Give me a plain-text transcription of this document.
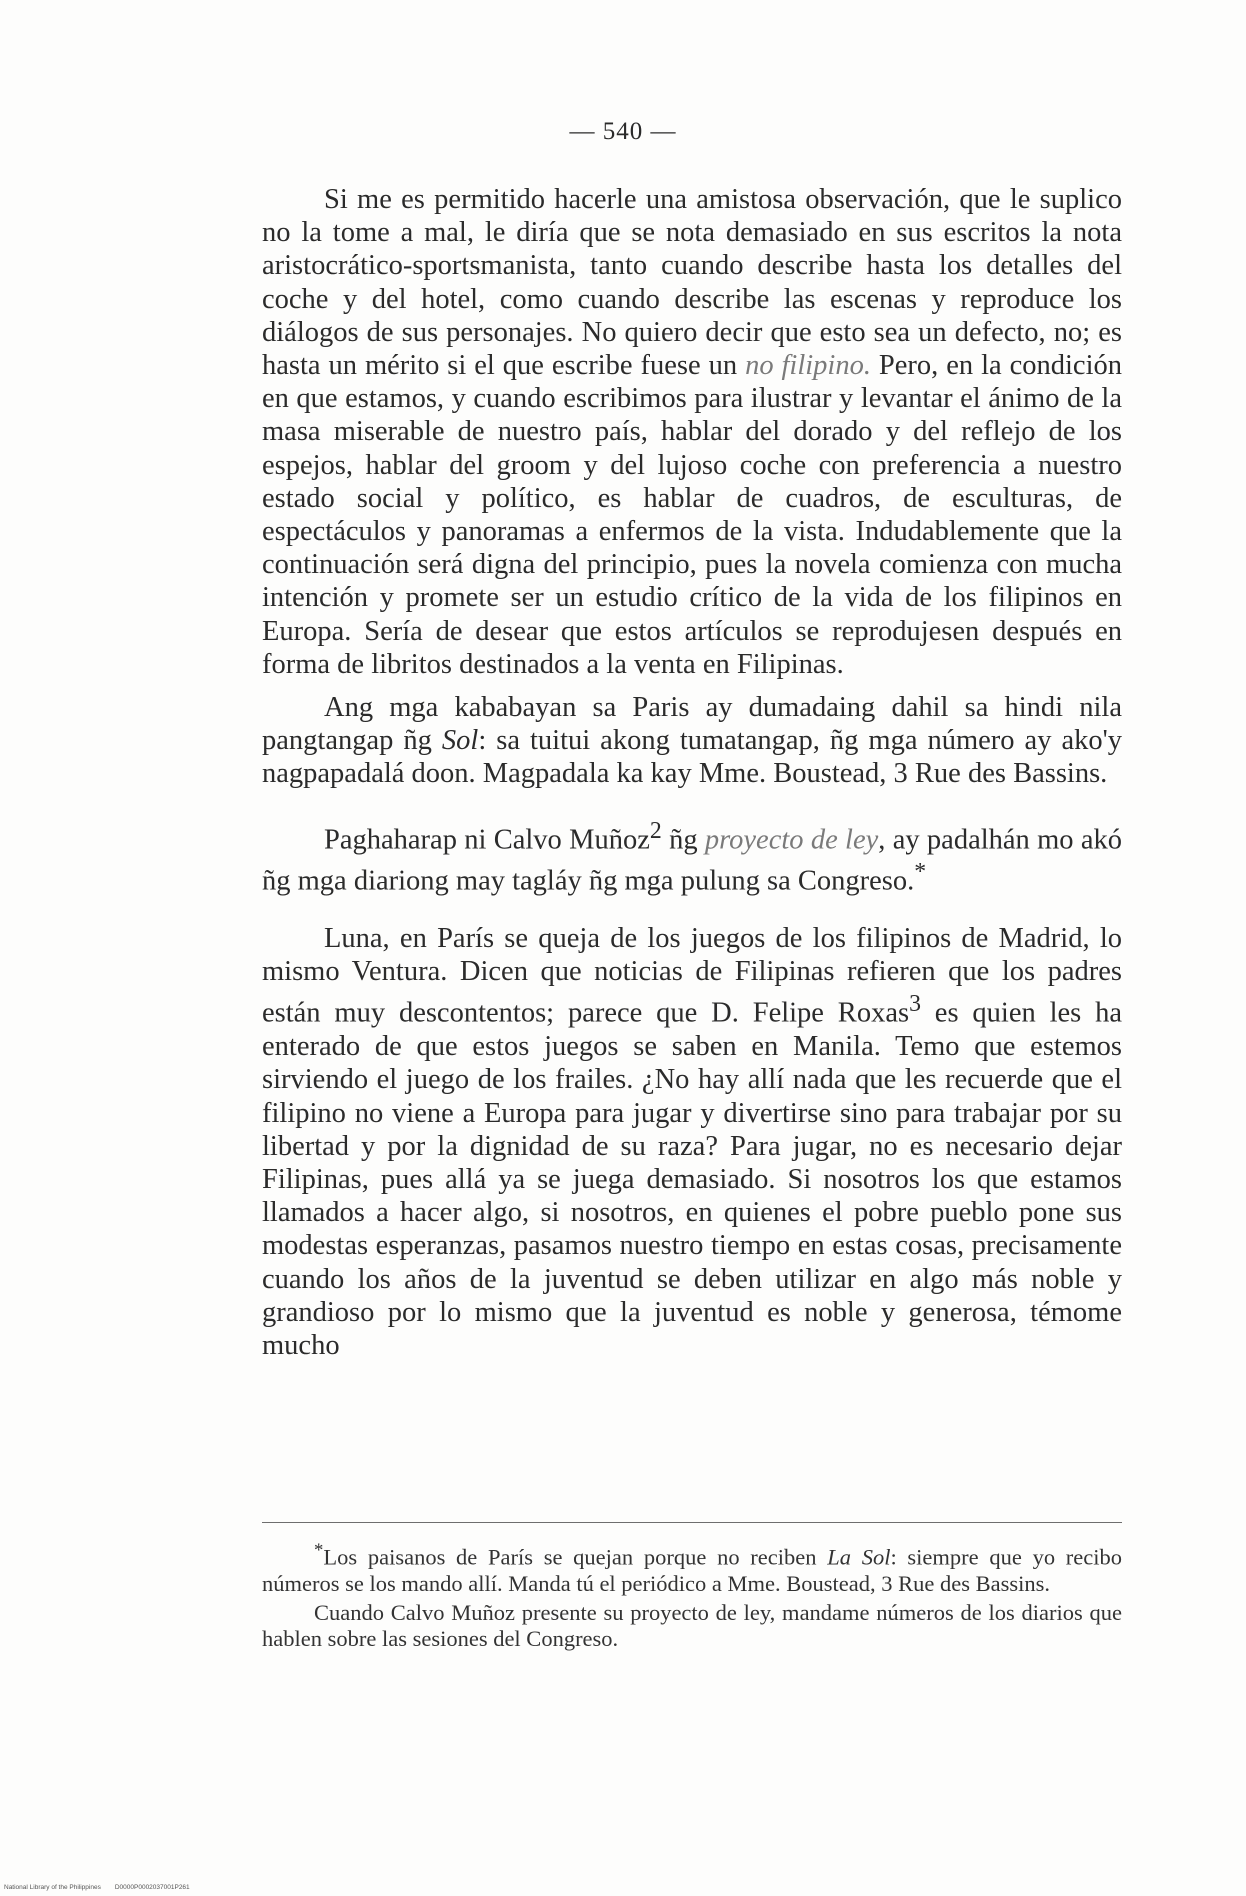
— 540 —

Si me es permitido hacerle una amistosa observación, que le suplico no la tome a mal, le diría que se nota demasiado en sus escritos la nota aristocrático-sportsmanista, tanto cuando describe hasta los detalles del coche y del hotel, como cuando describe las escenas y reproduce los diálogos de sus personajes. No quiero decir que esto sea un defecto, no; es hasta un mérito si el que escribe fuese un no filipino. Pero, en la condición en que estamos, y cuando escribimos para ilustrar y levantar el ánimo de la masa miserable de nuestro país, hablar del dorado y del reflejo de los espejos, hablar del groom y del lujoso coche con preferencia a nuestro estado social y político, es hablar de cuadros, de esculturas, de espectáculos y panoramas a enfermos de la vista. Indudablemente que la continuación será digna del principio, pues la novela comienza con mucha intención y promete ser un estudio crítico de la vida de los filipinos en Europa. Sería de desear que estos artículos se reprodujesen después en forma de libritos destinados a la venta en Filipinas.

Ang mga kababayan sa Paris ay dumadaing dahil sa hindi nila pangtangap ñg Sol: sa tuitui akong tumatangap, ñg mga número ay ako'y nagpapadalá doon. Magpadala ka kay Mme. Boustead, 3 Rue des Bassins.

Paghaharap ni Calvo Muñoz$^2$ ñg proyecto de ley, ay padalhán mo akó ñg mga diariong may tagláy ñg mga pulung sa Congreso.*

Luna, en París se queja de los juegos de los filipinos de Madrid, lo mismo Ventura. Dicen que noticias de Filipinas refieren que los padres están muy descontentos; parece que D. Felipe Roxas$^3$ es quien les ha enterado de que estos juegos se saben en Manila. Temo que estemos sirviendo el juego de los frailes. ¿No hay allí nada que les recuerde que el filipino no viene a Europa para jugar y divertirse sino para trabajar por su libertad y por la dignidad de su raza? Para jugar, no es necesario dejar Filipinas, pues allá ya se juega demasiado. Si nosotros los que estamos llamados a hacer algo, si nosotros, en quienes el pobre pueblo pone sus modestas esperanzas, pasamos nuestro tiempo en estas cosas, precisamente cuando los años de la juventud se deben utilizar en algo más noble y grandioso por lo mismo que la juventud es noble y generosa, témome mucho

*Los paisanos de París se quejan porque no reciben La Sol: siempre que yo recibo números se los mando allí. Manda tú el periódico a Mme. Boustead, 3 Rue des Bassins.

Cuando Calvo Muñoz presente su proyecto de ley, mandame números de los diarios que hablen sobre las sesiones del Congreso.

National Library of the Philippines D0000P0002037001P261
